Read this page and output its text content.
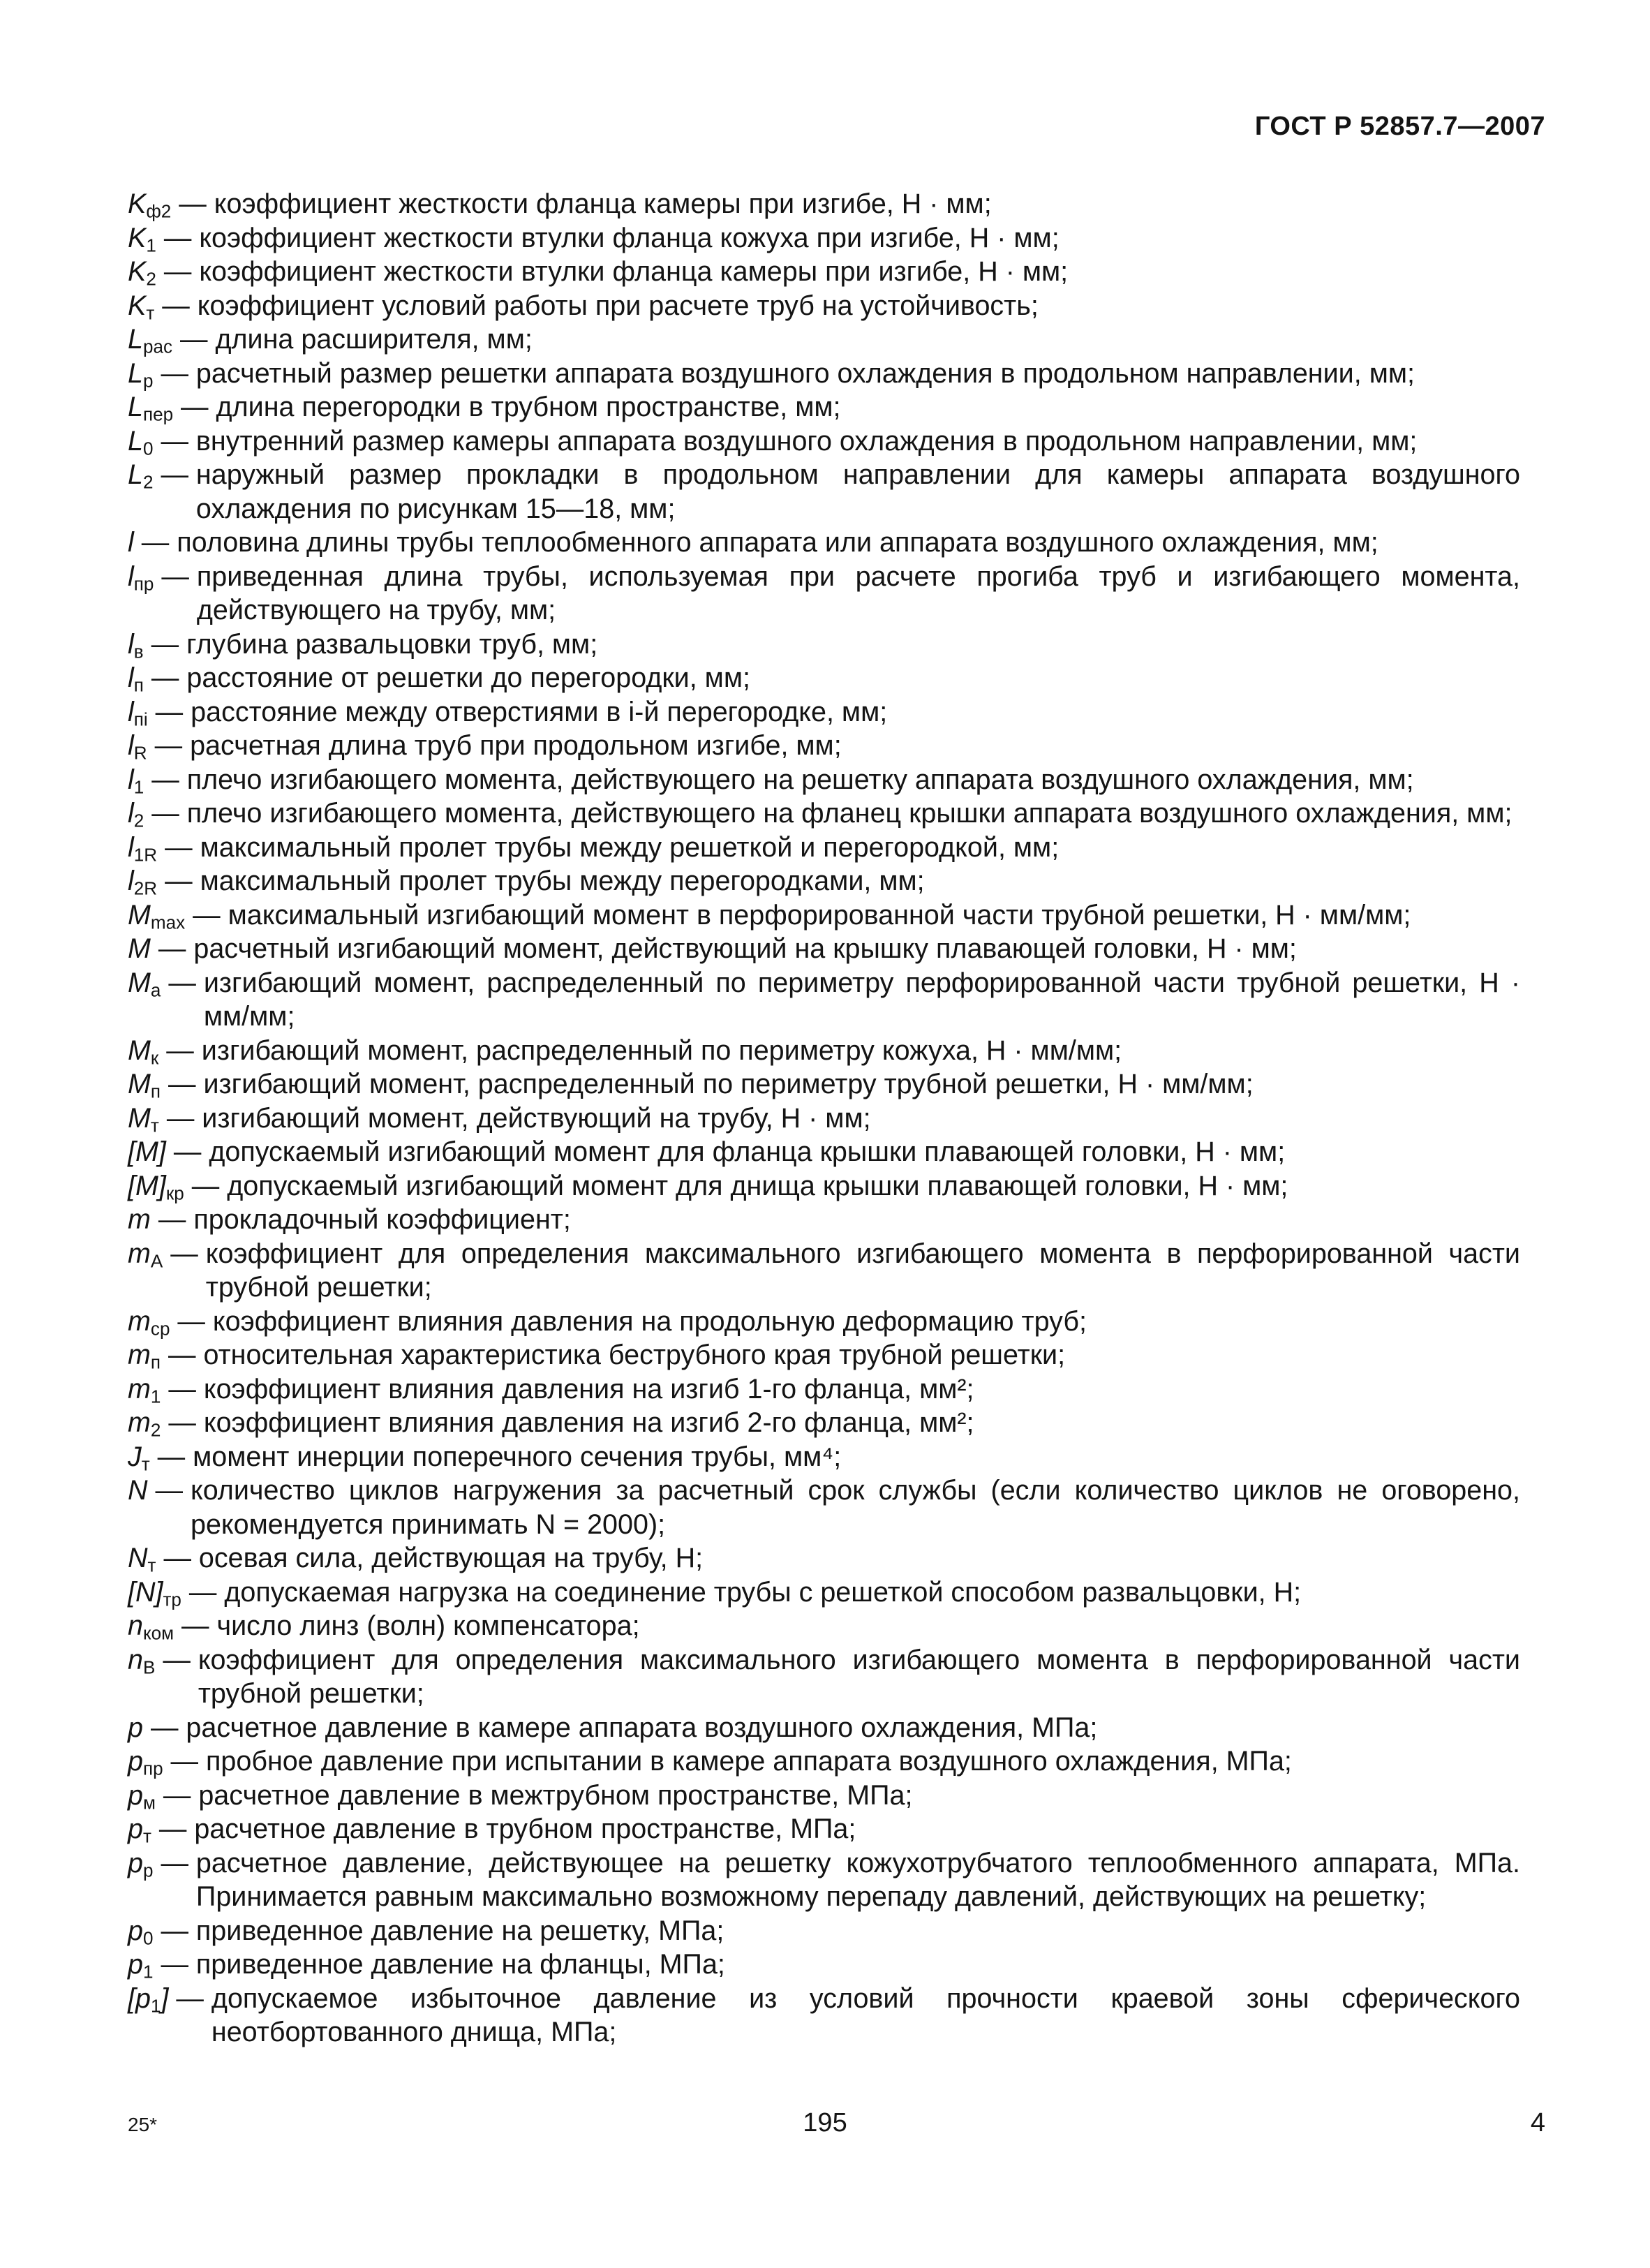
ГОСТ Р 52857.7—2007
$K_{ф2}$ — коэффициент жесткости фланца камеры при изгибе, Н · мм;
$K_1$ — коэффициент жесткости втулки фланца кожуха при изгибе, Н · мм;
$K_2$ — коэффициент жесткости втулки фланца камеры при изгибе, Н · мм;
$K_т$ — коэффициент условий работы при расчете труб на устойчивость;
$L_{рас}$ — длина расширителя, мм;
$L_р$ — расчетный размер решетки аппарата воздушного охлаждения в продольном направлении, мм;
$L_{пер}$ — длина перегородки в трубном пространстве, мм;
$L_0$ — внутренний размер камеры аппарата воздушного охлаждения в продольном направлении, мм;
$L_2$ — наружный размер прокладки в продольном направлении для камеры аппарата воздушного охлаждения по рисункам 15—18, мм;
l — половина длины трубы теплообменного аппарата или аппарата воздушного охлаждения, мм;
$l_{пр}$ — приведенная длина трубы, используемая при расчете прогиба труб и изгибающего момента, действующего на трубу, мм;
$l_в$ — глубина развальцовки труб, мм;
$l_п$ — расстояние от решетки до перегородки, мм;
$l_{пi}$ — расстояние между отверстиями в i-й перегородке, мм;
$l_R$ — расчетная длина труб при продольном изгибе, мм;
$l_1$ — плечо изгибающего момента, действующего на решетку аппарата воздушного охлаждения, мм;
$l_2$ — плечо изгибающего момента, действующего на фланец крышки аппарата воздушного охлаждения, мм;
$l_{1R}$ — максимальный пролет трубы между решеткой и перегородкой, мм;
$l_{2R}$ — максимальный пролет трубы между перегородками, мм;
$M_{max}$ — максимальный изгибающий момент в перфорированной части трубной решетки, Н · мм/мм;
M — расчетный изгибающий момент, действующий на крышку плавающей головки, Н · мм;
$M_a$ — изгибающий момент, распределенный по периметру перфорированной части трубной решетки, Н · мм/мм;
$M_к$ — изгибающий момент, распределенный по периметру кожуха, Н · мм/мм;
$M_п$ — изгибающий момент, распределенный по периметру трубной решетки, Н · мм/мм;
$M_т$ — изгибающий момент, действующий на трубу, Н · мм;
[M] — допускаемый изгибающий момент для фланца крышки плавающей головки, Н · мм;
$[M]_{кр}$ — допускаемый изгибающий момент для днища крышки плавающей головки, Н · мм;
m — прокладочный коэффициент;
$m_A$ — коэффициент для определения максимального изгибающего момента в перфорированной части трубной решетки;
$m_{ср}$ — коэффициент влияния давления на продольную деформацию труб;
$m_п$ — относительная характеристика беструбного края трубной решетки;
$m_1$ — коэффициент влияния давления на изгиб 1-го фланца, мм²;
$m_2$ — коэффициент влияния давления на изгиб 2-го фланца, мм²;
$J_т$ — момент инерции поперечного сечения трубы, мм⁴;
N — количество циклов нагружения за расчетный срок службы (если количество циклов не оговорено, рекомендуется принимать N = 2000);
$N_т$ — осевая сила, действующая на трубу, Н;
$[N]_{тр}$ — допускаемая нагрузка на соединение трубы с решеткой способом развальцовки, Н;
$n_{ком}$ — число линз (волн) компенсатора;
$n_B$ — коэффициент для определения максимального изгибающего момента в перфорированной части трубной решетки;
p — расчетное давление в камере аппарата воздушного охлаждения, МПа;
$p_{пр}$ — пробное давление при испытании в камере аппарата воздушного охлаждения, МПа;
$p_м$ — расчетное давление в межтрубном пространстве, МПа;
$p_т$ — расчетное давление в трубном пространстве, МПа;
$p_р$ — расчетное давление, действующее на решетку кожухотрубчатого теплообменного аппарата, МПа. Принимается равным максимально возможному перепаду давлений, действующих на решетку;
$p_0$ — приведенное давление на решетку, МПа;
$p_1$ — приведенное давление на фланцы, МПа;
$[p_1]$ — допускаемое избыточное давление из условий прочности краевой зоны сферического неотбортованного днища, МПа;
25*	195	4
